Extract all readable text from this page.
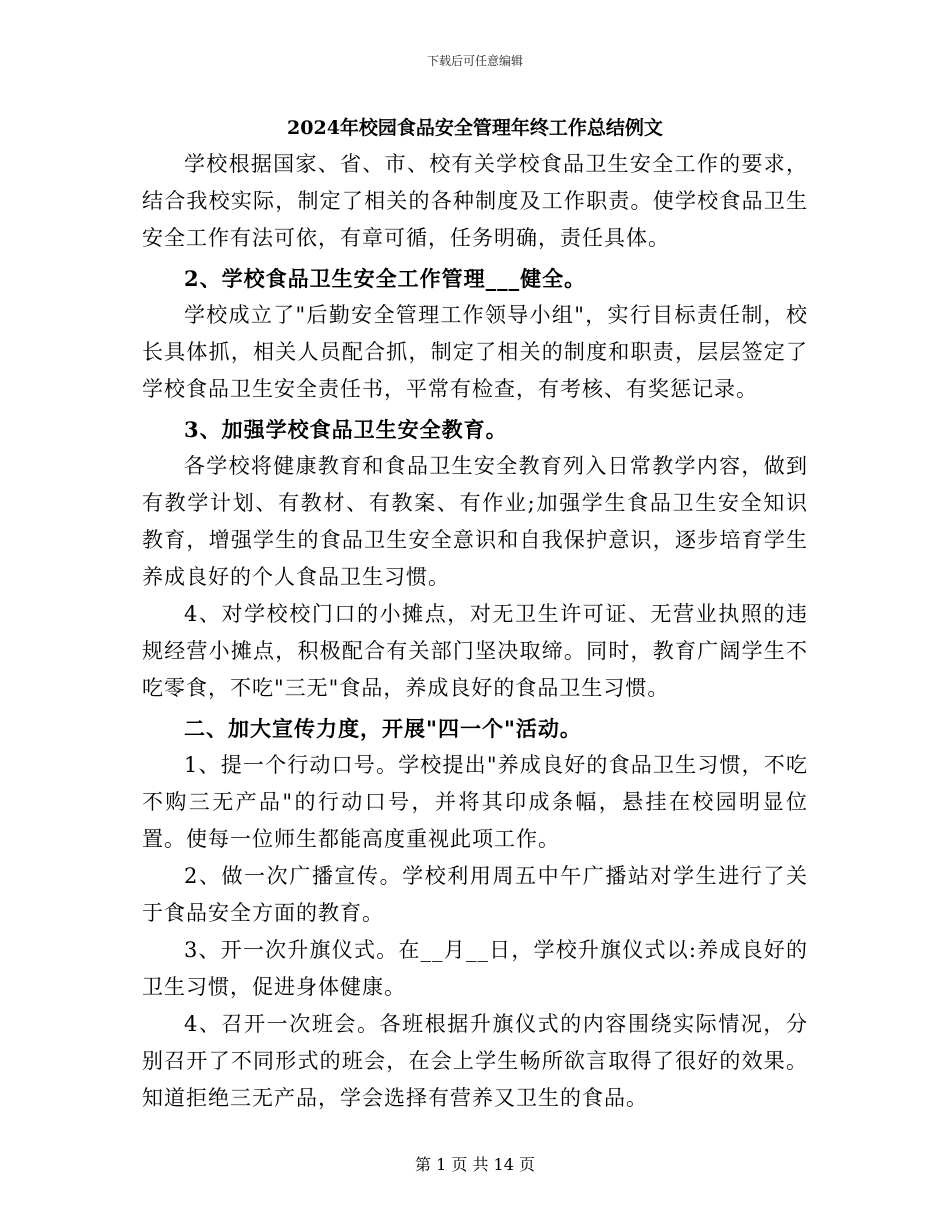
下载后可任意编辑
2024年校园食品安全管理年终工作总结例文

学校根据国家、省、市、校有关学校食品卫生安全工作的要求，结合我校实际，制定了相关的各种制度及工作职责。使学校食品卫生安全工作有法可依，有章可循，任务明确，责任具体。

2、学校食品卫生安全工作管理___健全。

学校成立了"后勤安全管理工作领导小组"，实行目标责任制，校长具体抓，相关人员配合抓，制定了相关的制度和职责，层层签定了学校食品卫生安全责任书，平常有检查，有考核、有奖惩记录。

3、加强学校食品卫生安全教育。

各学校将健康教育和食品卫生安全教育列入日常教学内容，做到有教学计划、有教材、有教案、有作业;加强学生食品卫生安全知识教育，增强学生的食品卫生安全意识和自我保护意识，逐步培育学生养成良好的个人食品卫生习惯。

4、对学校校门口的小摊点，对无卫生许可证、无营业执照的违规经营小摊点，积极配合有关部门坚决取缔。同时，教育广阔学生不吃零食，不吃"三无"食品，养成良好的食品卫生习惯。

二、加大宣传力度，开展"四一个"活动。

1、提一个行动口号。学校提出"养成良好的食品卫生习惯，不吃不购三无产品"的行动口号，并将其印成条幅，悬挂在校园明显位置。使每一位师生都能高度重视此项工作。

2、做一次广播宣传。学校利用周五中午广播站对学生进行了关于食品安全方面的教育。

3、开一次升旗仪式。在__月__日，学校升旗仪式以:养成良好的卫生习惯，促进身体健康。

4、召开一次班会。各班根据升旗仪式的内容围绕实际情况，分别召开了不同形式的班会，在会上学生畅所欲言取得了很好的效果。知道拒绝三无产品，学会选择有营养又卫生的食品。

第 1 页 共 14 页
